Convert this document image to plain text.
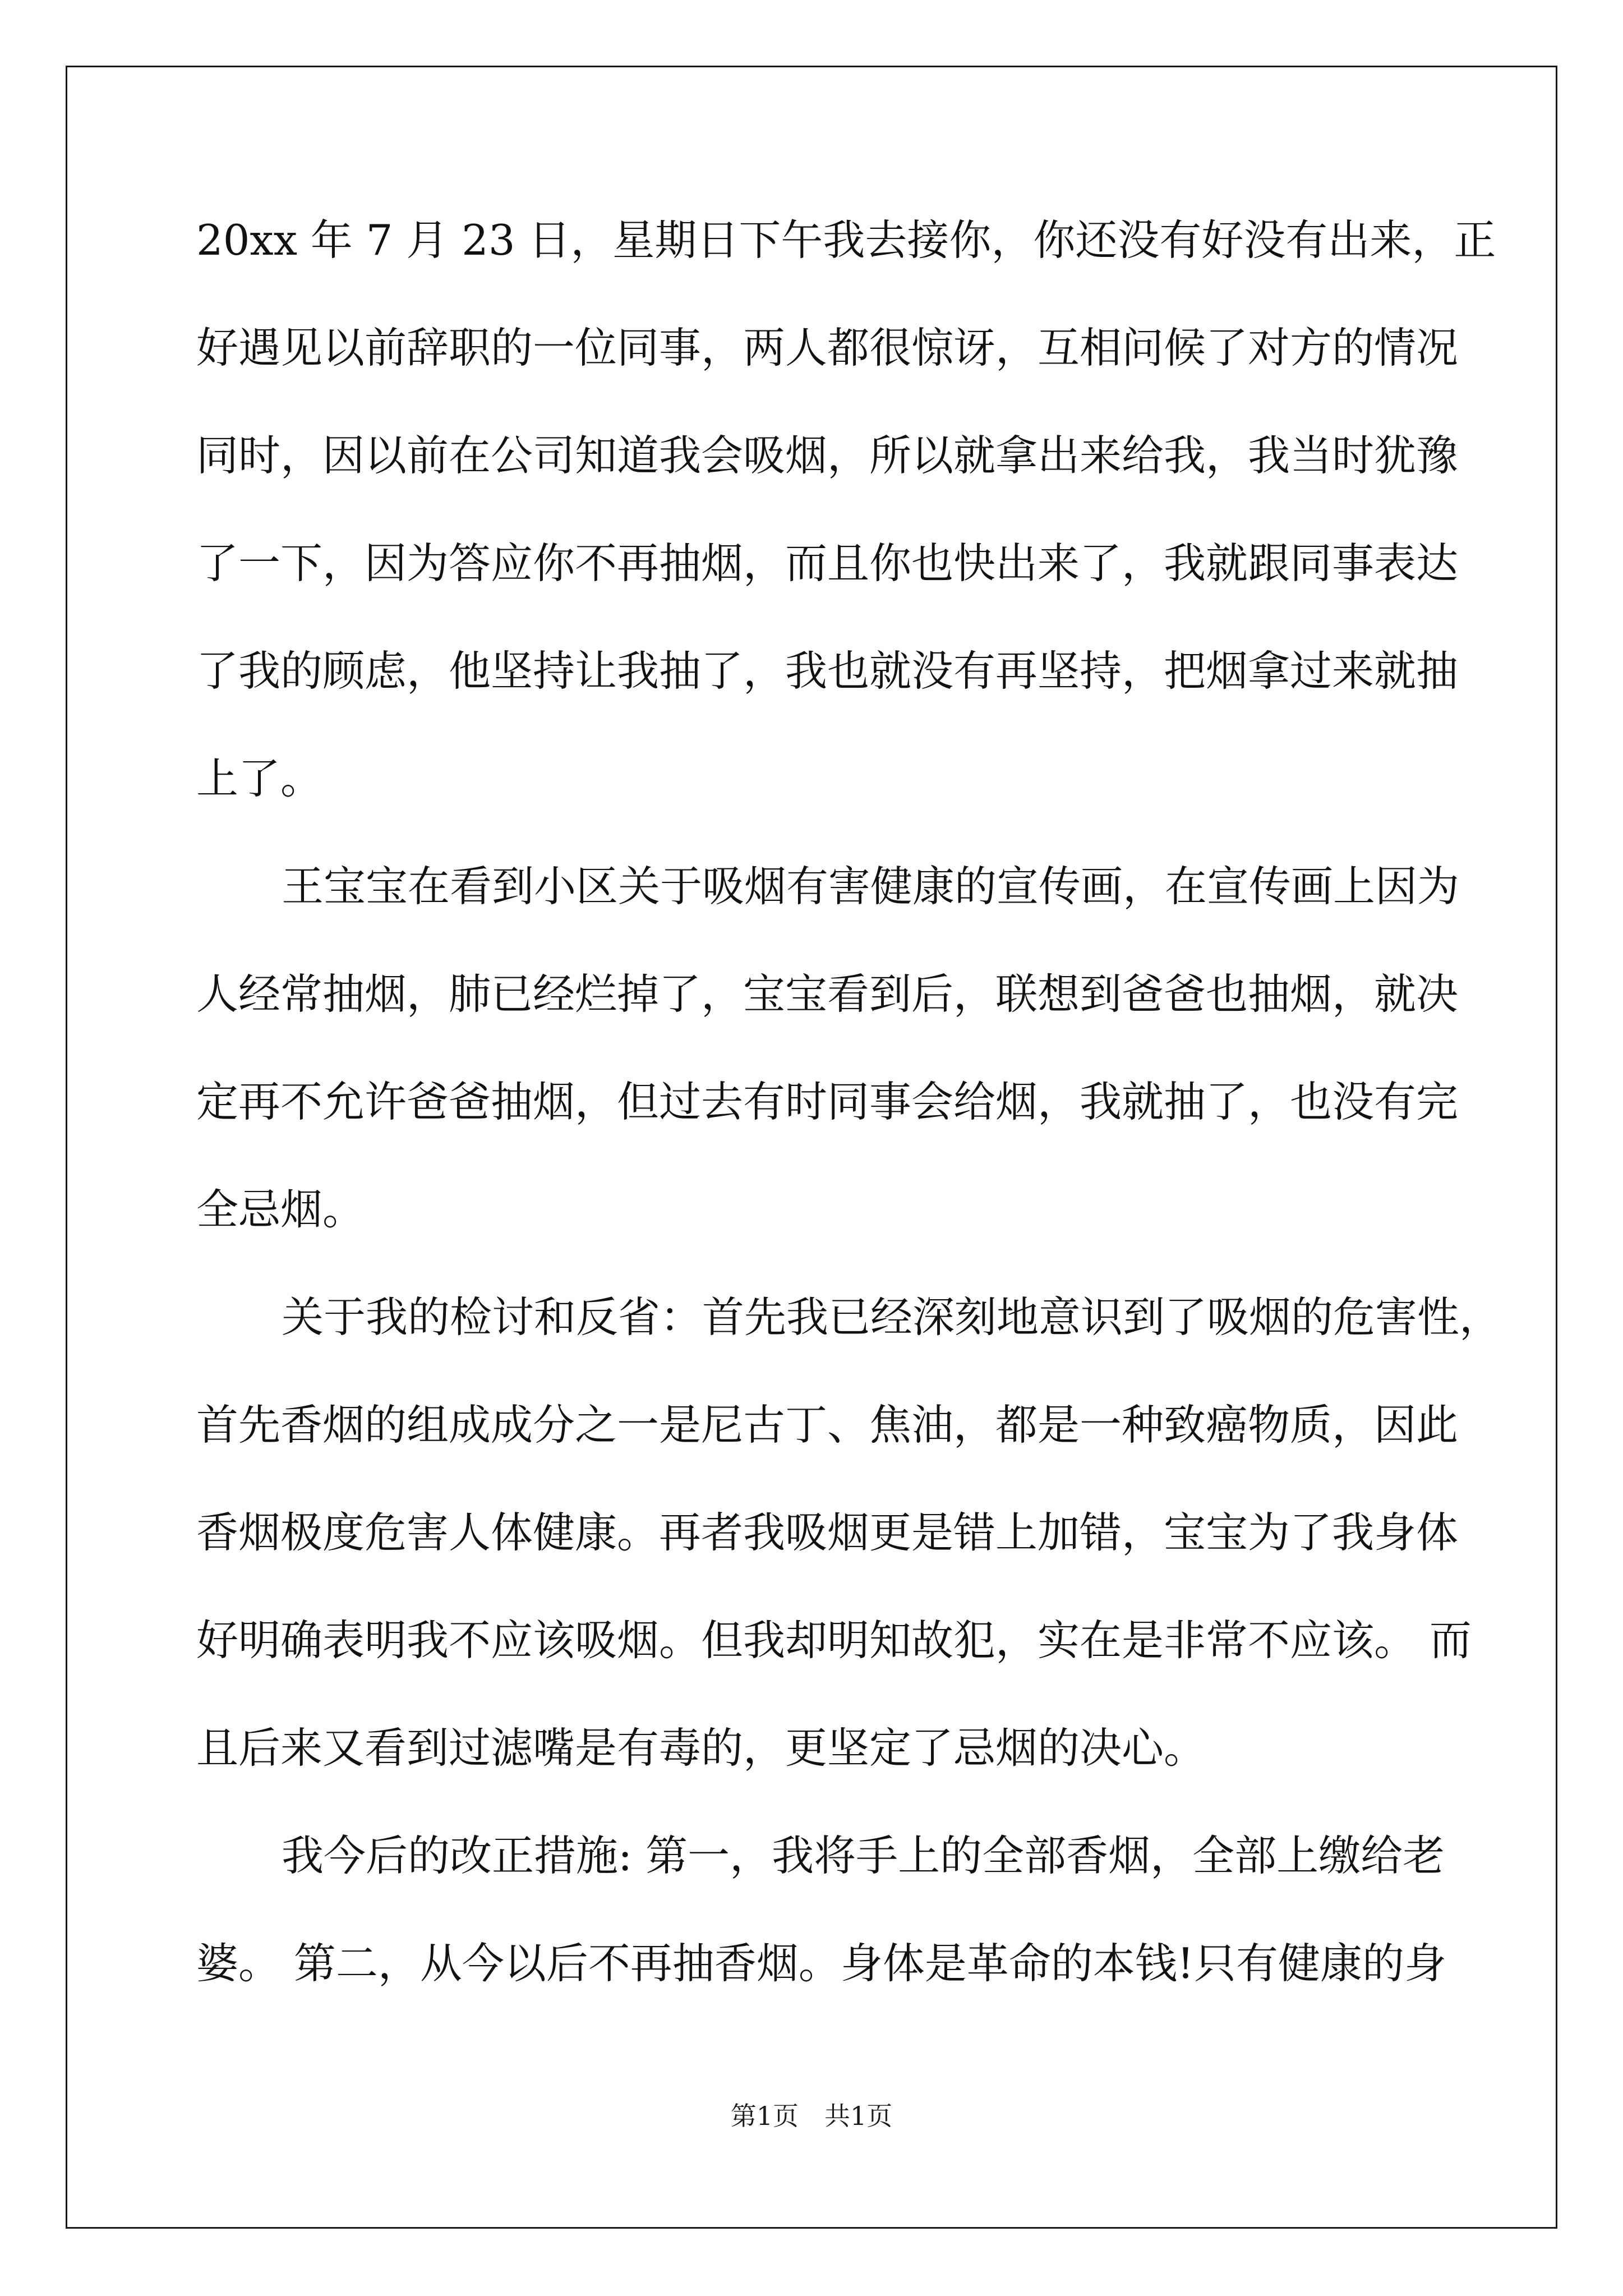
20xx 年 7 月 23 日，星期日下午我去接你，你还没有好没有出来，正

好遇见以前辞职的一位同事，两人都很惊讶，互相问候了对方的情况

同时，因以前在公司知道我会吸烟，所以就拿出来给我，我当时犹豫

了一下，因为答应你不再抽烟，而且你也快出来了，我就跟同事表达

了我的顾虑，他坚持让我抽了，我也就没有再坚持，把烟拿过来就抽

上了。

王宝宝在看到小区关于吸烟有害健康的宣传画，在宣传画上因为

人经常抽烟，肺已经烂掉了，宝宝看到后，联想到爸爸也抽烟，就决

定再不允许爸爸抽烟，但过去有时同事会给烟，我就抽了，也没有完

全忌烟。

关于我的检讨和反省：首先我已经深刻地意识到了吸烟的危害性，

首先香烟的组成成分之一是尼古丁、焦油，都是一种致癌物质，因此

香烟极度危害人体健康。再者我吸烟更是错上加错，宝宝为了我身体

好明确表明我不应该吸烟。但我却明知故犯，实在是非常不应该。 而

且后来又看到过滤嘴是有毒的，更坚定了忌烟的决心。

我今后的改正措施: 第一，我将手上的全部香烟，全部上缴给老

婆。 第二，从今以后不再抽香烟。身体是革命的本钱!只有健康的身

第1页 共1页
